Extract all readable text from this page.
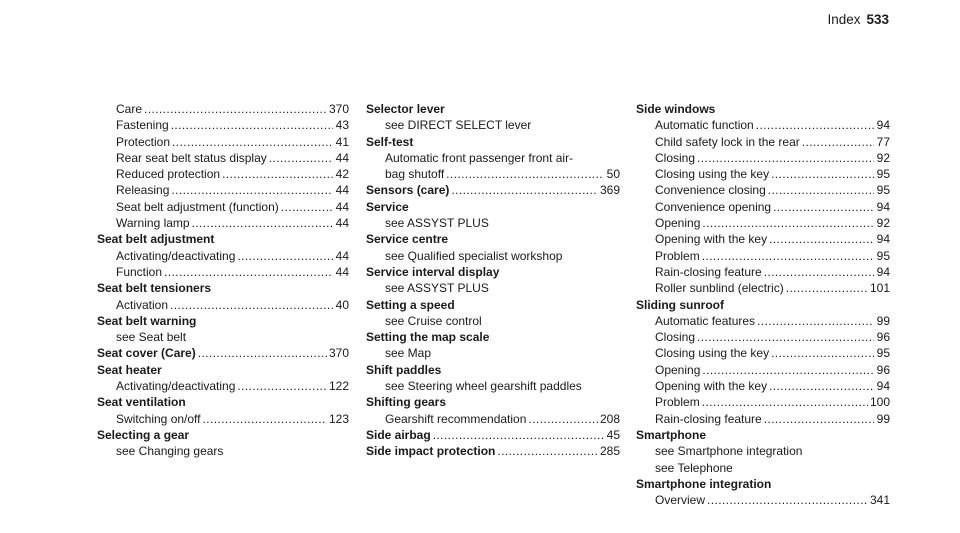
Index 533
Care .....	370
Fastening .....	43
Protection .....	41
Rear seat belt status display .....	44
Reduced protection .....	42
Releasing .....	44
Seat belt adjustment (function) .....	44
Warning lamp .....	44
Seat belt adjustment
Activating/deactivating .....	44
Function .....	44
Seat belt tensioners
Activation .....	40
Seat belt warning
see Seat belt
Seat cover (Care) .....	370
Seat heater
Activating/deactivating .....	122
Seat ventilation
Switching on/off .....	123
Selecting a gear
see Changing gears
Selector lever
see DIRECT SELECT lever
Self-test
Automatic front passenger front air-
bag shutoff .....	50
Sensors (care) .....	369
Service
see ASSYST PLUS
Service centre
see Qualified specialist workshop
Service interval display
see ASSYST PLUS
Setting a speed
see Cruise control
Setting the map scale
see Map
Shift paddles
see Steering wheel gearshift paddles
Shifting gears
Gearshift recommendation .....	208
Side airbag .....	45
Side impact protection .....	285
Side windows
Automatic function .....	94
Child safety lock in the rear .....	77
Closing .....	92
Closing using the key .....	95
Convenience closing .....	95
Convenience opening .....	94
Opening .....	92
Opening with the key .....	94
Problem .....	95
Rain-closing feature .....	94
Roller sunblind (electric) .....	101
Sliding sunroof
Automatic features .....	99
Closing .....	96
Closing using the key .....	95
Opening .....	96
Opening with the key .....	94
Problem .....	100
Rain-closing feature .....	99
Smartphone
see Smartphone integration
see Telephone
Smartphone integration
Overview .....	341
